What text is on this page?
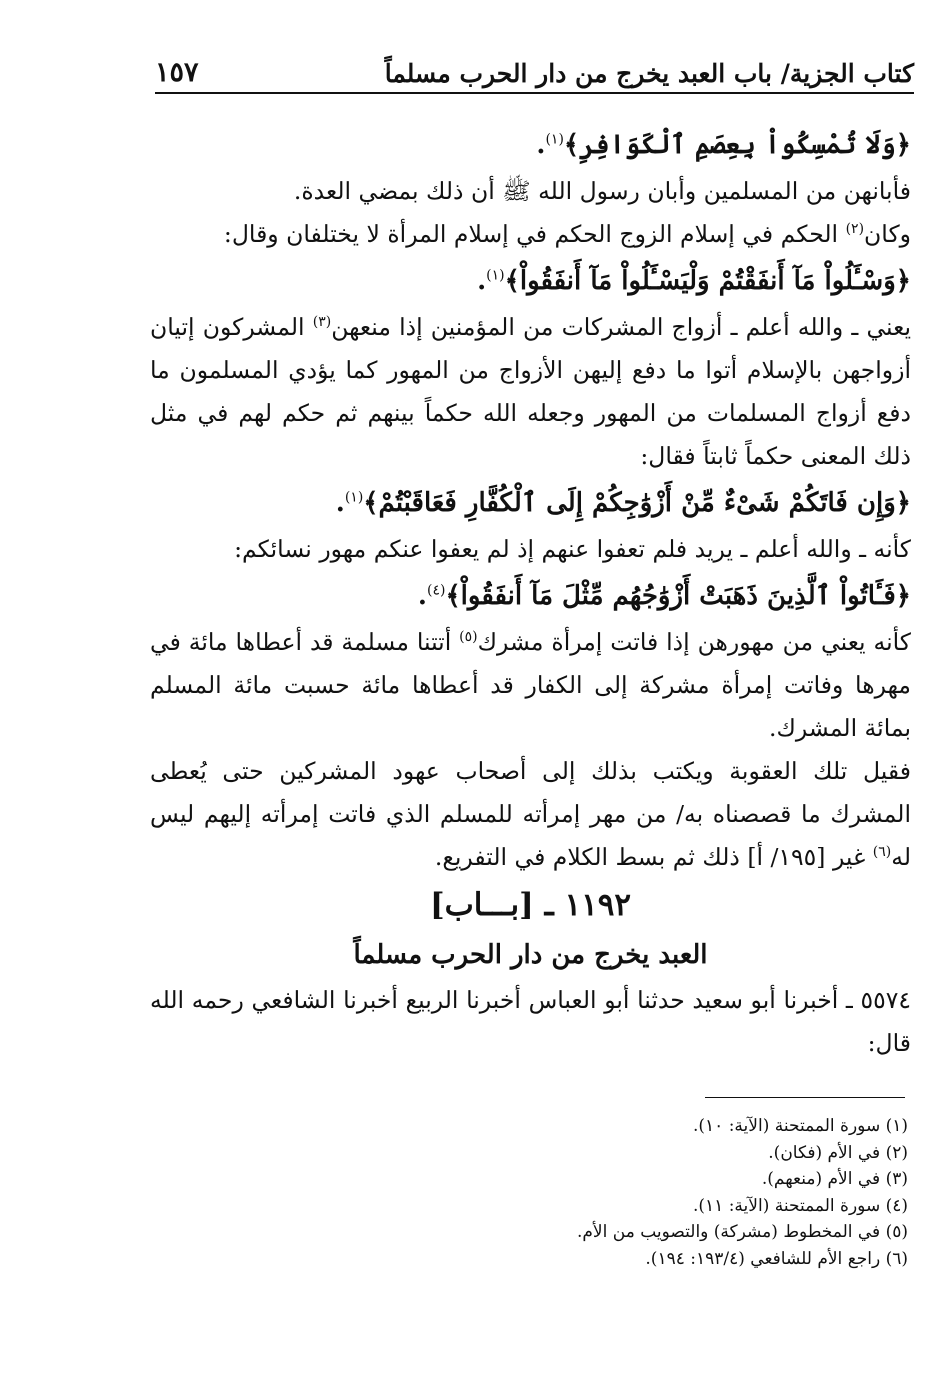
كتاب الجزية/ باب العبد يخرج من دار الحرب مسلماً
١٥٧

﴿وَلَا تُمْسِكُواْ بِعِصَمِ ٱلْكَوَافِرِ﴾$^{(١)}$.

فأبانهن من المسلمين وأبان رسول الله ﷺ أن ذلك بمضي العدة.

وكان$^{(٢)}$ الحكم في إسلام الزوج الحكم في إسلام المرأة لا يختلفان وقال:

﴿وَسْـَٔلُواْ مَآ أَنفَقْتُمْ وَلْيَسْـَٔلُواْ مَآ أَنفَقُواْ﴾$^{(١)}$.

يعني ـ والله أعلم ـ أزواج المشركات من المؤمنين إذا منعهن$^{(٣)}$ المشركون إتيان أزواجهن بالإسلام أتوا ما دفع إليهن الأزواج من المهور كما يؤدي المسلمون ما دفع أزواج المسلمات من المهور وجعله الله حكماً بينهم ثم حكم لهم في مثل ذلك المعنى حكماً ثابتاً فقال:

﴿وَإِن فَاتَكُمْ شَىْءٌ مِّنْ أَزْوَٰجِكُمْ إِلَى ٱلْكُفَّارِ فَعَاقَبْتُمْ﴾$^{(١)}$.

كأنه ـ والله أعلم ـ يريد فلم تعفوا عنهم إذ لم يعفوا عنكم مهور نسائكم:

﴿فَـَٔاتُواْ ٱلَّذِينَ ذَهَبَتْ أَزْوَٰجُهُم مِّثْلَ مَآ أَنفَقُواْ﴾$^{(٤)}$.

كأنه يعني من مهورهن إذا فاتت إمرأة مشرك$^{(٥)}$ أتتنا مسلمة قد أعطاها مائة في مهرها وفاتت إمرأة مشركة إلى الكفار قد أعطاها مائة حسبت مائة المسلم بمائة المشرك.

فقيل تلك العقوبة ويكتب بذلك إلى أصحاب عهود المشركين حتى يُعطى المشرك ما قصصناه به/ من مهر إمرأته للمسلم الذي فاتت إمرأته إليهم ليس له$^{(٦)}$ غير [١٩٥/ أ] ذلك ثم بسط الكلام في التفريع.

١١٩٢ ـ [بـــاب]

العبد يخرج من دار الحرب مسلماً

٥٥٧٤ ـ أخبرنا أبو سعيد حدثنا أبو العباس أخبرنا الربيع أخبرنا الشافعي رحمه الله قال:

(١) سورة الممتحنة (الآية: ١٠).
(٢) في الأم (فكان).
(٣) في الأم (منعهم).
(٤) سورة الممتحنة (الآية: ١١).
(٥) في المخطوط (مشركة) والتصويب من الأم.
(٦) راجع الأم للشافعي (١٩٣/٤: ١٩٤).
